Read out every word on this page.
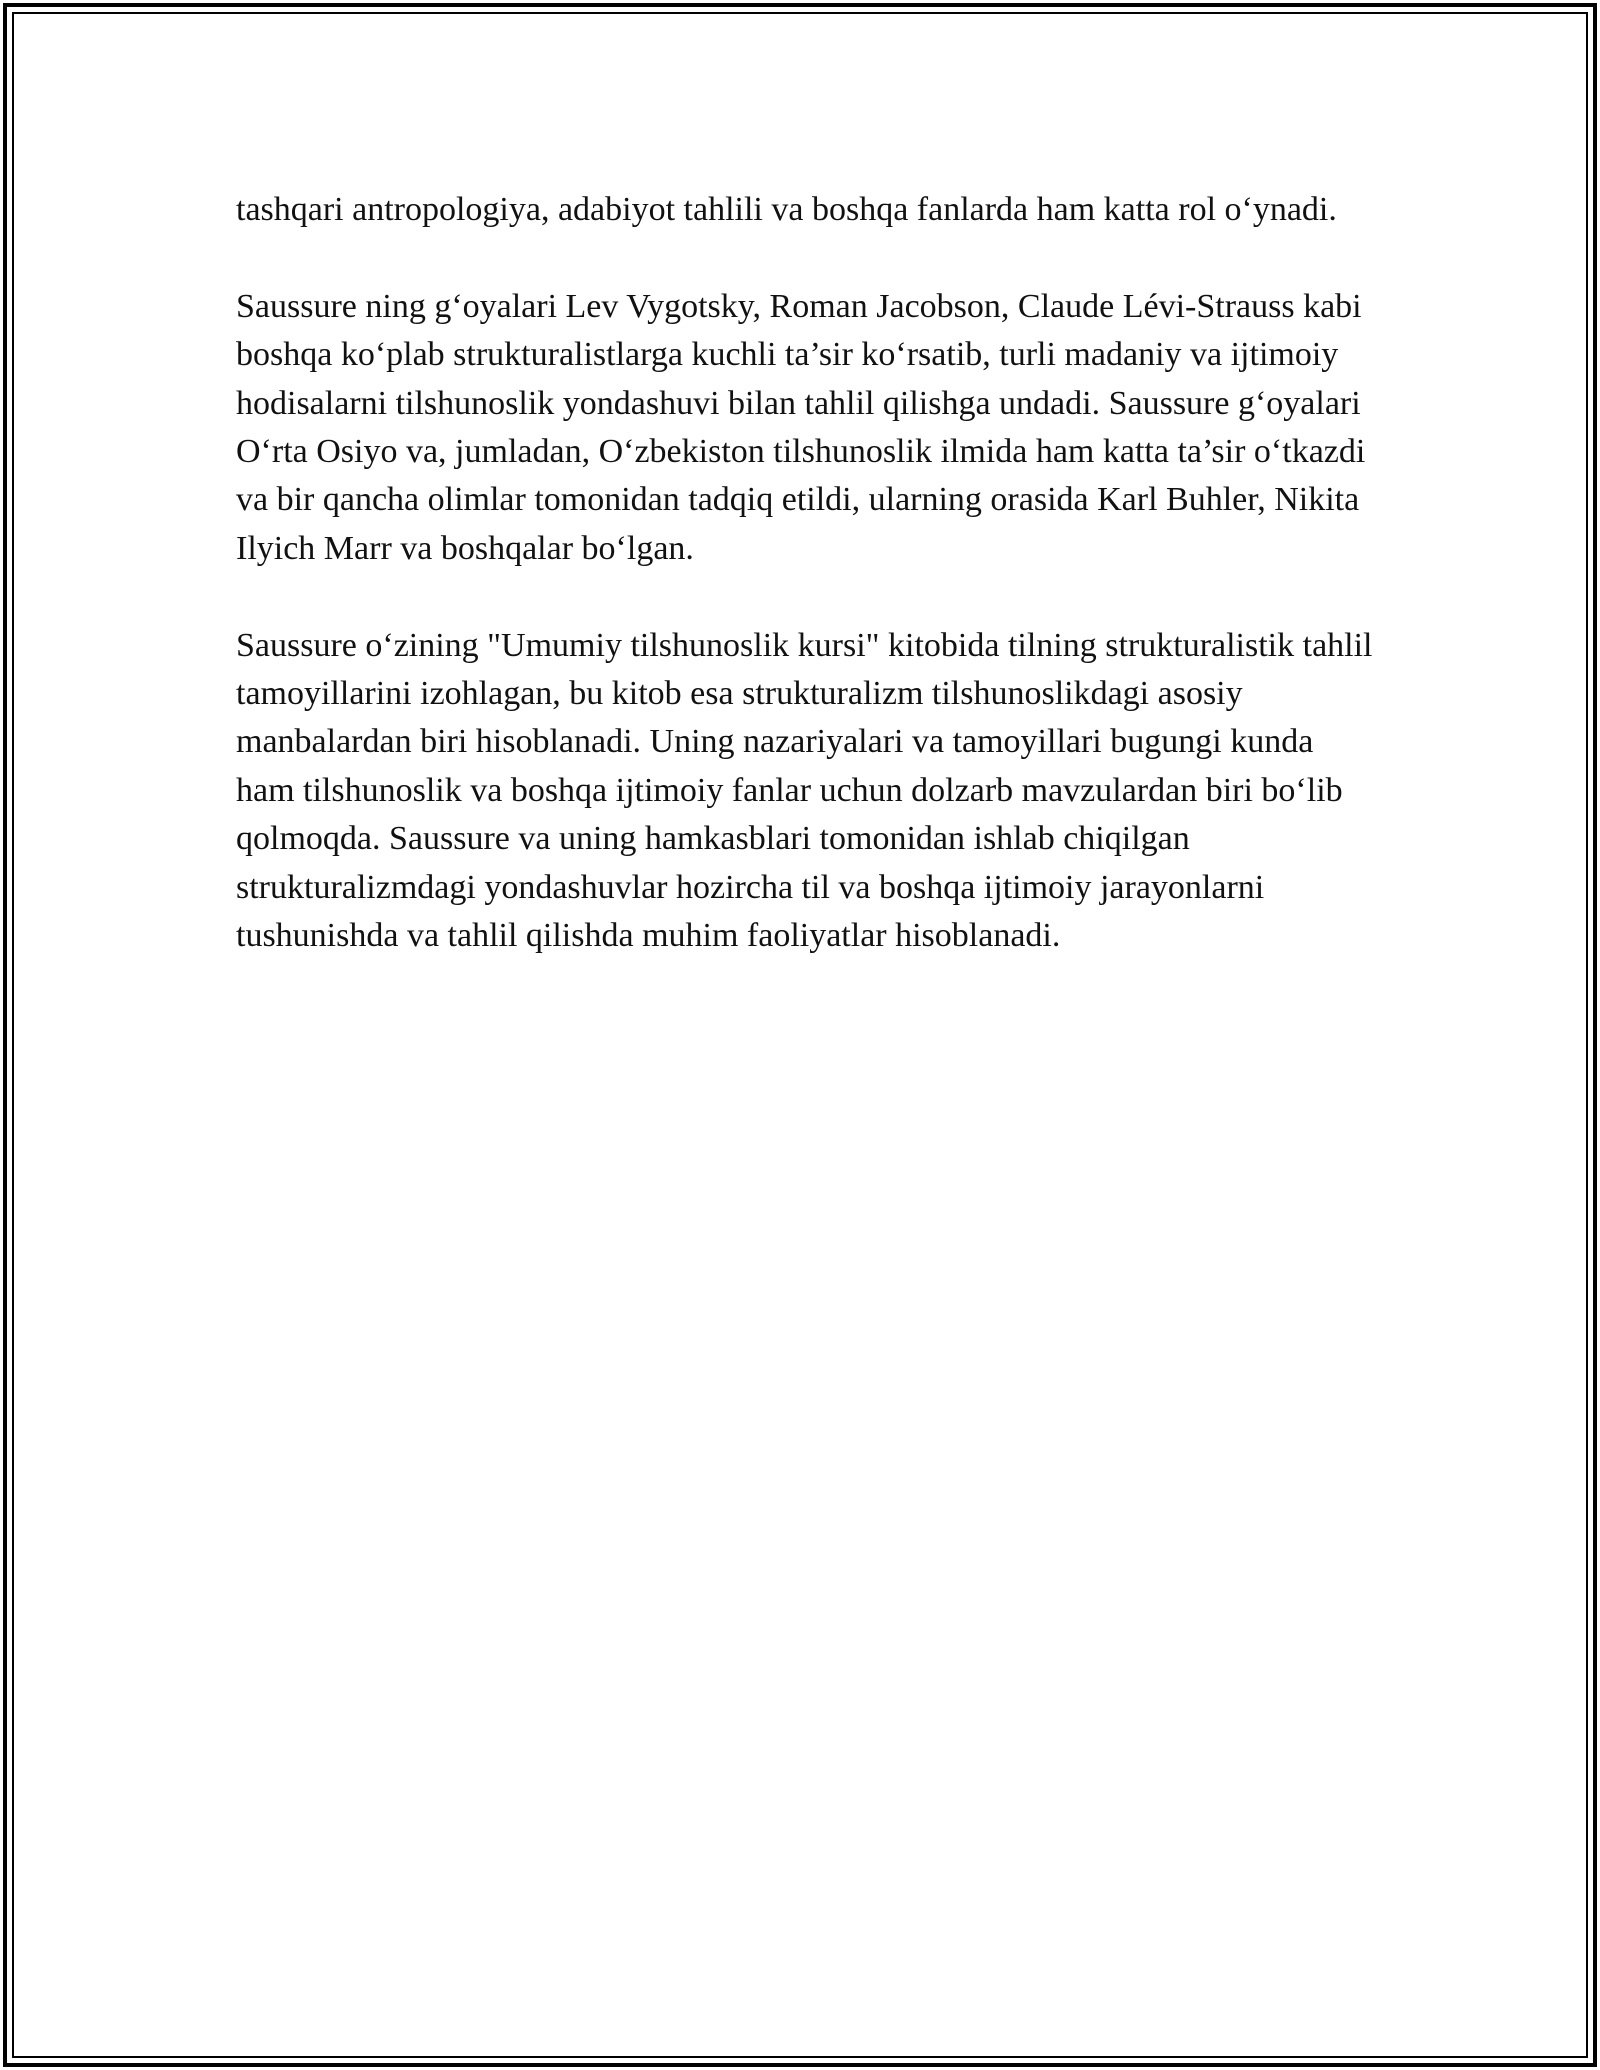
tashqari antropologiya, adabiyot tahlili va boshqa fanlarda ham katta rol o‘ynadi.

Saussure ning g‘oyalari Lev Vygotsky, Roman Jacobson, Claude Lévi-Strauss kabi boshqa ko‘plab strukturalistlarga kuchli ta’sir ko‘rsatib, turli madaniy va ijtimoiy hodisalarni tilshunoslik yondashuvi bilan tahlil qilishga undadi. Saussure g‘oyalari O‘rta Osiyo va, jumladan, O‘zbekiston tilshunoslik ilmida ham katta ta’sir o‘tkazdi va bir qancha olimlar tomonidan tadqiq etildi, ularning orasida Karl Buhler, Nikita Ilyich Marr va boshqalar bo‘lgan.

Saussure o‘zining "Umumiy tilshunoslik kursi" kitobida tilning strukturalistik tahlil tamoyillarini izohlagan, bu kitob esa strukturalizm tilshunoslikdagi asosiy manbalardan biri hisoblanadi. Uning nazariyalari va tamoyillari bugungi kunda ham tilshunoslik va boshqa ijtimoiy fanlar uchun dolzarb mavzulardan biri bo‘lib qolmoqda. Saussure va uning hamkasblari tomonidan ishlab chiqilgan strukturalizmdagi yondashuvlar hozircha til va boshqa ijtimoiy jarayonlarni tushunishda va tahlil qilishda muhim faoliyatlar hisoblanadi.
